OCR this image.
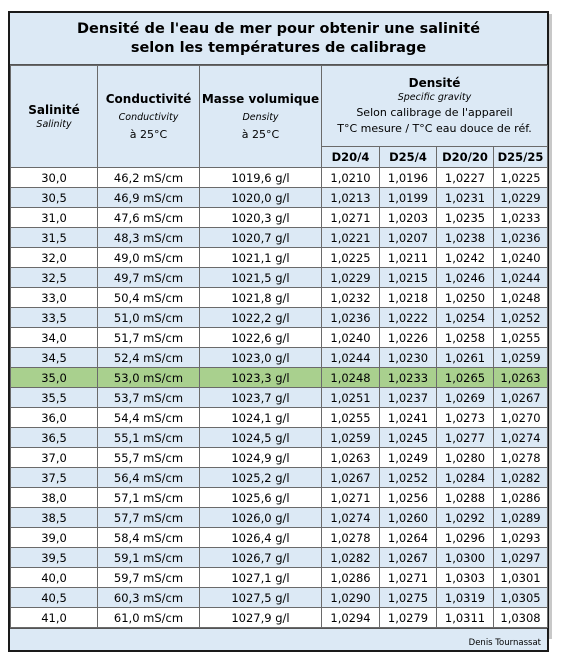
Densité de l'eau de mer pour obtenir une salinité
selon les températures de calibrage
Salinité
Salinity	Conductivité
Conductivity
à 25°C	Masse volumique
Density
à 25°C	Densité
Specific gravity
Selon calibrage de l'appareil
T°C mesure / T°C eau douce de réf.			

			D20/4	D25/4	D20/20	D25/25
30,0	46,2 mS/cm	1019,6 g/l	1,0210	1,0196	1,0227	1,0225
30,5	46,9 mS/cm	1020,0 g/l	1,0213	1,0199	1,0231	1,0229
31,0	47,6 mS/cm	1020,3 g/l	1,0271	1,0203	1,0235	1,0233
31,5	48,3 mS/cm	1020,7 g/l	1,0221	1,0207	1,0238	1,0236
32,0	49,0 mS/cm	1021,1 g/l	1,0225	1,0211	1,0242	1,0240
32,5	49,7 mS/cm	1021,5 g/l	1,0229	1,0215	1,0246	1,0244
33,0	50,4 mS/cm	1021,8 g/l	1,0232	1,0218	1,0250	1,0248
33,5	51,0 mS/cm	1022,2 g/l	1,0236	1,0222	1,0254	1,0252
34,0	51,7 mS/cm	1022,6 g/l	1,0240	1,0226	1,0258	1,0255
34,5	52,4 mS/cm	1023,0 g/l	1,0244	1,0230	1,0261	1,0259
35,0	53,0 mS/cm	1023,3 g/l	1,0248	1,0233	1,0265	1,0263
35,5	53,7 mS/cm	1023,7 g/l	1,0251	1,0237	1,0269	1,0267
36,0	54,4 mS/cm	1024,1 g/l	1,0255	1,0241	1,0273	1,0270
36,5	55,1 mS/cm	1024,5 g/l	1,0259	1,0245	1,0277	1,0274
37,0	55,7 mS/cm	1024,9 g/l	1,0263	1,0249	1,0280	1,0278
37,5	56,4 mS/cm	1025,2 g/l	1,0267	1,0252	1,0284	1,0282
38,0	57,1 mS/cm	1025,6 g/l	1,0271	1,0256	1,0288	1,0286
38,5	57,7 mS/cm	1026,0 g/l	1,0274	1,0260	1,0292	1,0289
39,0	58,4 mS/cm	1026,4 g/l	1,0278	1,0264	1,0296	1,0293
39,5	59,1 mS/cm	1026,7 g/l	1,0282	1,0267	1,0300	1,0297
40,0	59,7 mS/cm	1027,1 g/l	1,0286	1,0271	1,0303	1,0301
40,5	60,3 mS/cm	1027,5 g/l	1,0290	1,0275	1,0319	1,0305
41,0	61,0 mS/cm	1027,9 g/l	1,0294	1,0279	1,0311	1,0308
Denis Tournassat
